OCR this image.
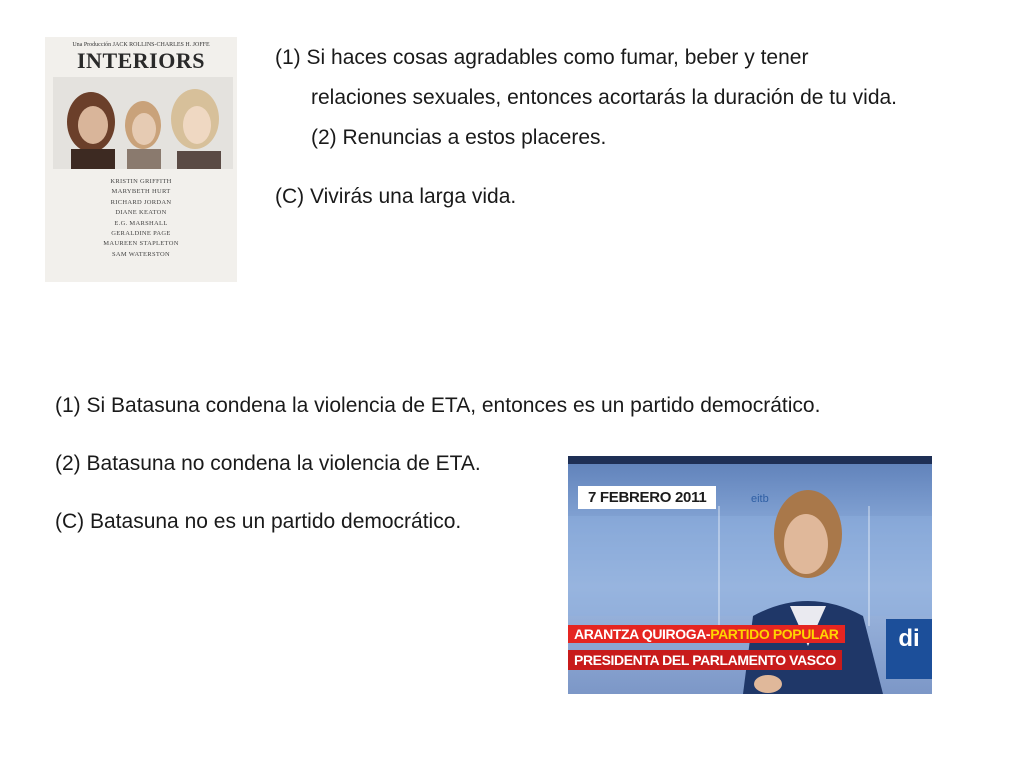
Una Producción JACK ROLLINS-CHARLES H. JOFFE
INTERIORS
KRISTIN GRIFFITH
MARYBETH HURT
RICHARD JORDAN
DIANE KEATON
E.G. MARSHALL
GERALDINE PAGE
MAUREEN STAPLETON
SAM WATERSTON
(1) Si haces cosas agradables como fumar, beber y tener
relaciones sexuales, entonces acortarás la duración de tu vida.
(2) Renuncias a estos placeres.
(C) Vivirás una larga vida.
(1) Si Batasuna condena la violencia de ETA, entonces es un partido democrático.
(2) Batasuna no condena la violencia de ETA.
(C) Batasuna no es un partido democrático.
7 FEBRERO 2011	eitb
di
ARANTZA QUIROGA-PARTIDO POPULAR
PRESIDENTA DEL PARLAMENTO VASCO
